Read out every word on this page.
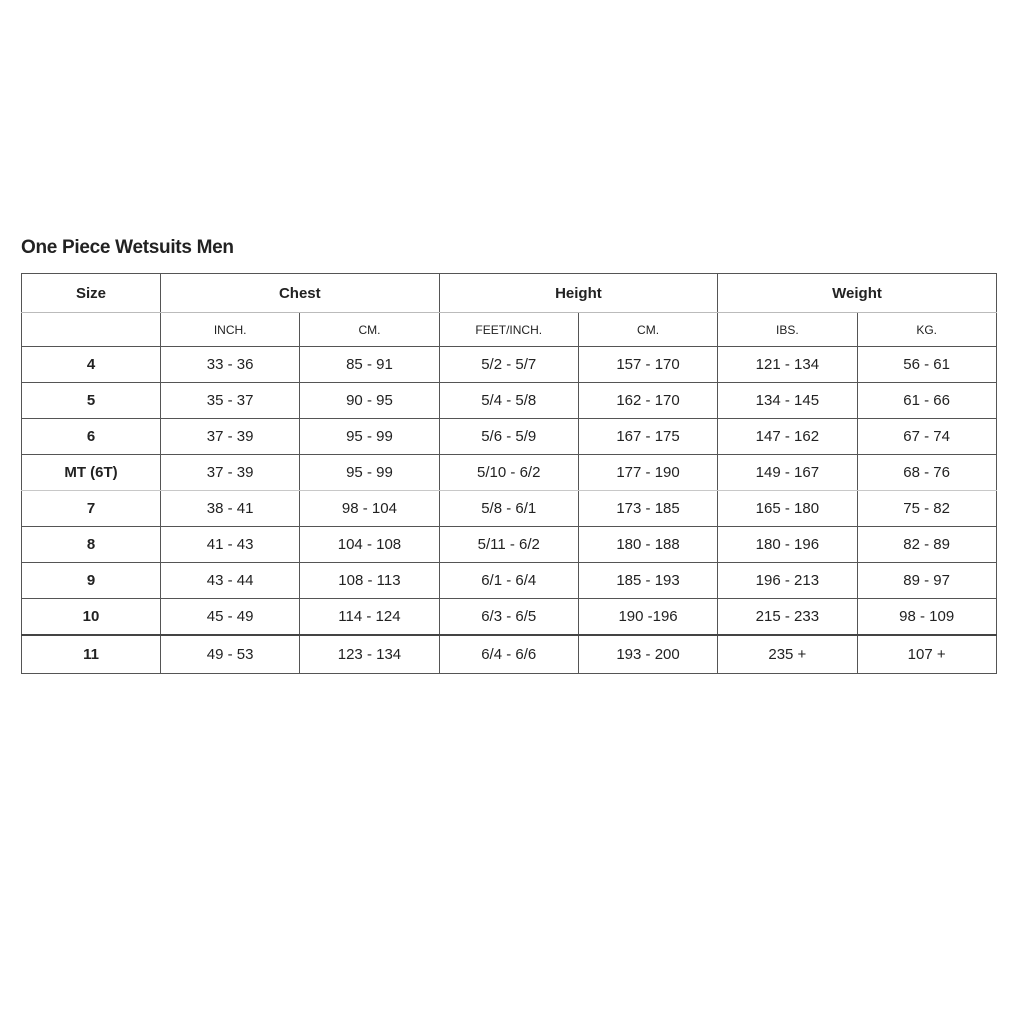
One Piece Wetsuits Men
Size	Chest		Height		Weight	
	INCH.	CM.	FEET/INCH.	CM.	IBS.	KG.
4	33 - 36	85 - 91	5/2 - 5/7	157 - 170	121 - 134	56 - 61
5	35 - 37	90 - 95	5/4 - 5/8	162 - 170	134 - 145	61 - 66
6	37 - 39	95 - 99	5/6 - 5/9	167 - 175	147 - 162	67 - 74
MT (6T)	37 - 39	95 - 99	5/10 - 6/2	177 - 190	149 - 167	68 - 76
7	38 - 41	98 - 104	5/8 - 6/1	173 - 185	165 - 180	75 - 82
8	41 - 43	104 - 108	5/11 - 6/2	180 - 188	180 - 196	82 - 89
9	43 - 44	108 - 113	6/1 - 6/4	185 - 193	196 - 213	89 - 97
10	45 - 49	114 - 124	6/3 - 6/5	190 -196	215 - 233	98 - 109
11	49 - 53	123 - 134	6/4 - 6/6	193 - 200	235 +	107 +
